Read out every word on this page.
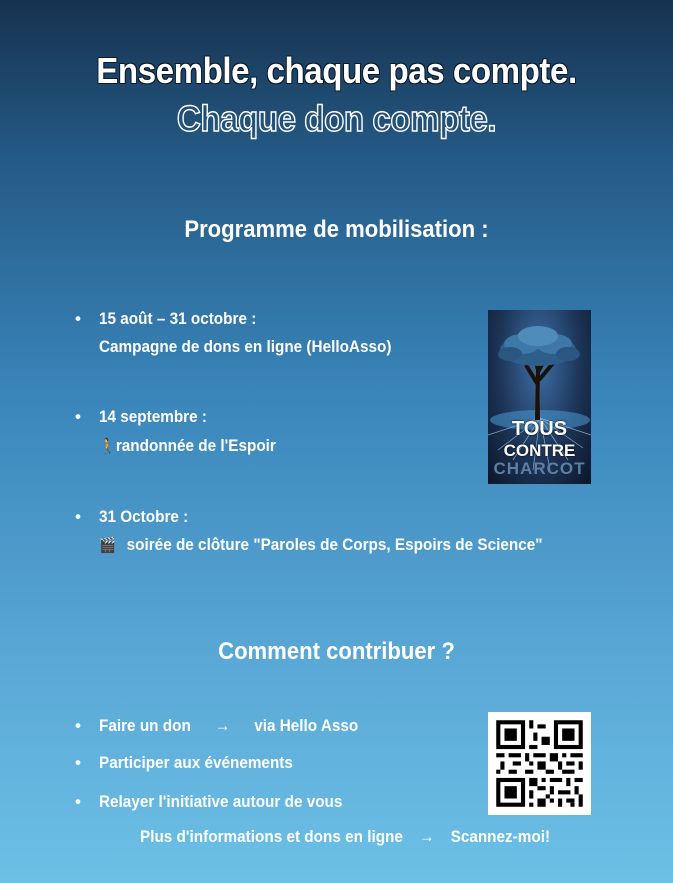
Ensemble, chaque pas compte.
Chaque don compte.
Programme de mobilisation :
•	15 août – 31 octobre :
Campagne de dons en ligne (HelloAsso)
•	14 septembre :
🚶randonnée de l'Espoir
•	31 Octobre :
🎬 soirée de clôture "Paroles de Corps, Espoirs de Science"
TOUS
CONTRE
CHARCOT
Comment contribuer ?
•	Faire un don → via Hello Asso
•	Participer aux événements
•	Relayer l'initiative autour de vous
Plus d'informations et dons en ligne → Scannez-moi!
